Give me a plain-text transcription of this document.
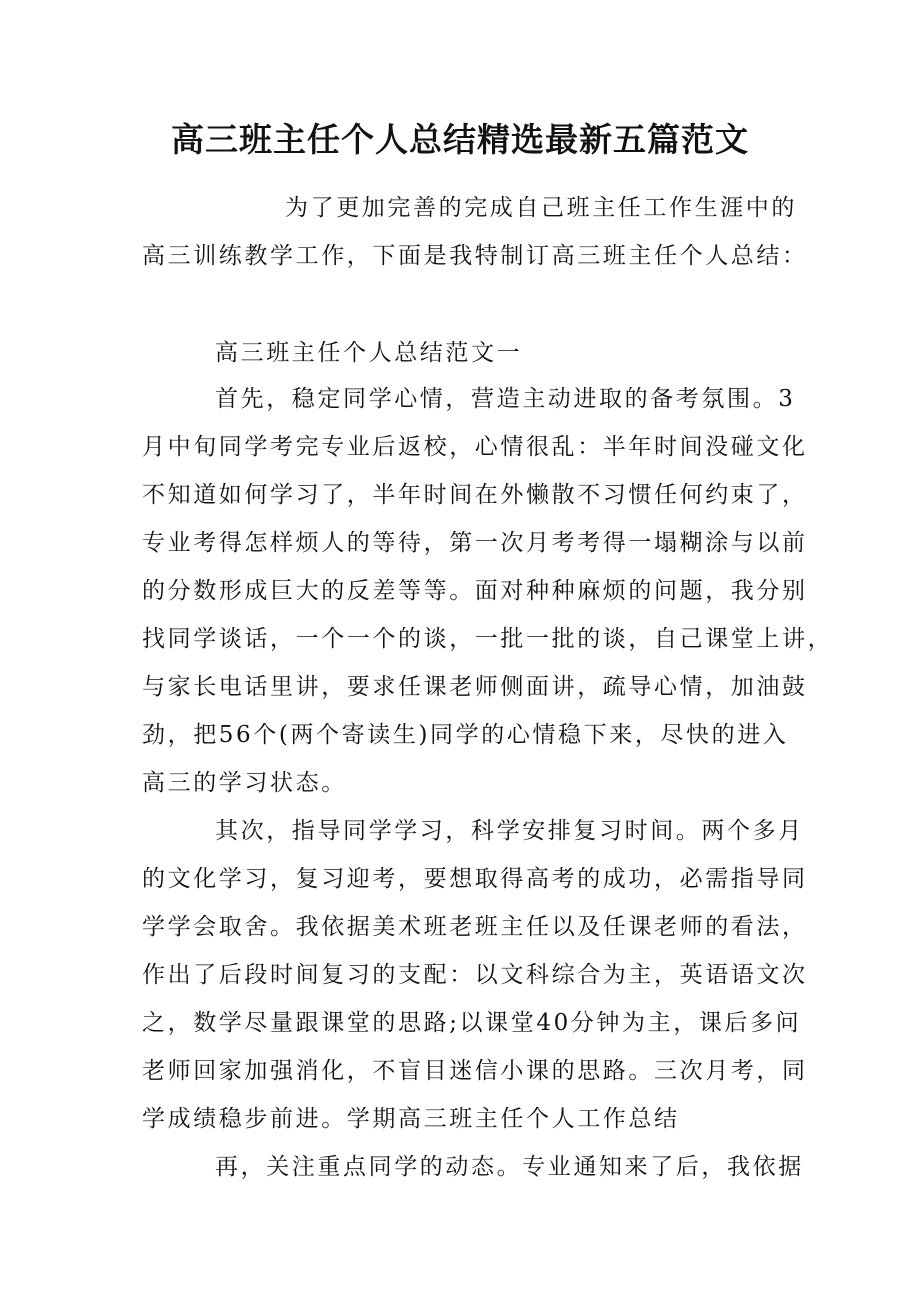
高三班主任个人总结精选最新五篇范文
为了更加完善的完成自己班主任工作生涯中的
高三训练教学工作，下面是我特制订高三班主任个人总结：
高三班主任个人总结范文一
首先，稳定同学心情，营造主动进取的备考氛围。3
月中旬同学考完专业后返校，心情很乱：半年时间没碰文化
不知道如何学习了，半年时间在外懒散不习惯任何约束了，
专业考得怎样烦人的等待，第一次月考考得一塌糊涂与以前
的分数形成巨大的反差等等。面对种种麻烦的问题，我分别
找同学谈话，一个一个的谈，一批一批的谈，自己课堂上讲，
与家长电话里讲，要求任课老师侧面讲，疏导心情，加油鼓
劲，把56个(两个寄读生)同学的心情稳下来，尽快的进入
高三的学习状态。
其次，指导同学学习，科学安排复习时间。两个多月
的文化学习，复习迎考，要想取得高考的成功，必需指导同
学学会取舍。我依据美术班老班主任以及任课老师的看法，
作出了后段时间复习的支配：以文科综合为主，英语语文次
之，数学尽量跟课堂的思路;以课堂40分钟为主，课后多问
老师回家加强消化，不盲目迷信小课的思路。三次月考，同
学成绩稳步前进。学期高三班主任个人工作总结
再，关注重点同学的动态。专业通知来了后，我依据
